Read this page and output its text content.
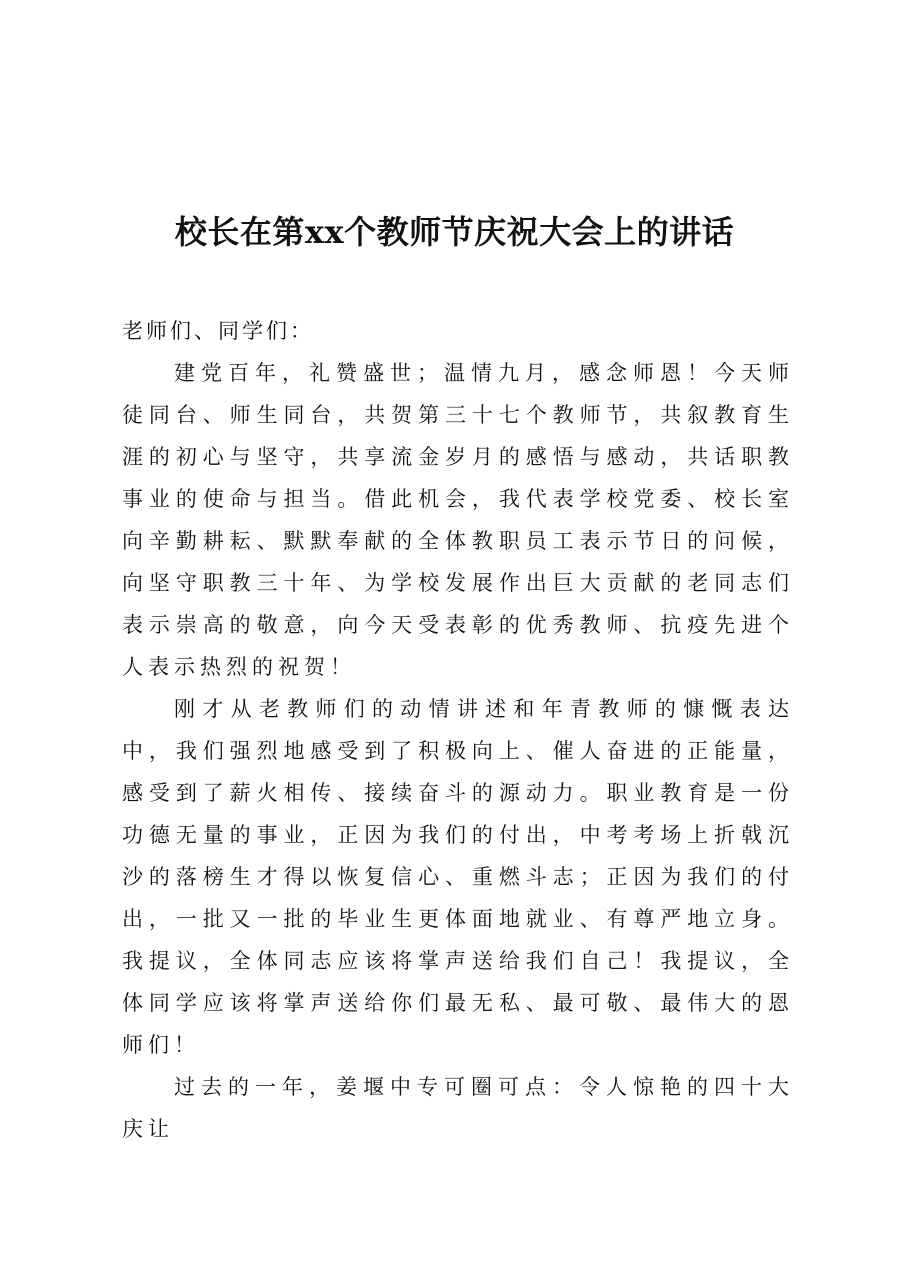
校长在第xx个教师节庆祝大会上的讲话

老师们、同学们：

建党百年，礼赞盛世；温情九月，感念师恩！今天师徒同台、师生同台，共贺第三十七个教师节，共叙教育生涯的初心与坚守，共享流金岁月的感悟与感动，共话职教事业的使命与担当。借此机会，我代表学校党委、校长室向辛勤耕耘、默默奉献的全体教职员工表示节日的问候，向坚守职教三十年、为学校发展作出巨大贡献的老同志们表示崇高的敬意，向今天受表彰的优秀教师、抗疫先进个人表示热烈的祝贺！

刚才从老教师们的动情讲述和年青教师的慷慨表达中，我们强烈地感受到了积极向上、催人奋进的正能量，感受到了薪火相传、接续奋斗的源动力。职业教育是一份功德无量的事业，正因为我们的付出，中考考场上折戟沉沙的落榜生才得以恢复信心、重燃斗志；正因为我们的付出，一批又一批的毕业生更体面地就业、有尊严地立身。我提议，全体同志应该将掌声送给我们自己！我提议，全体同学应该将掌声送给你们最无私、最可敬、最伟大的恩师们！

过去的一年，姜堰中专可圈可点：令人惊艳的四十大庆让
